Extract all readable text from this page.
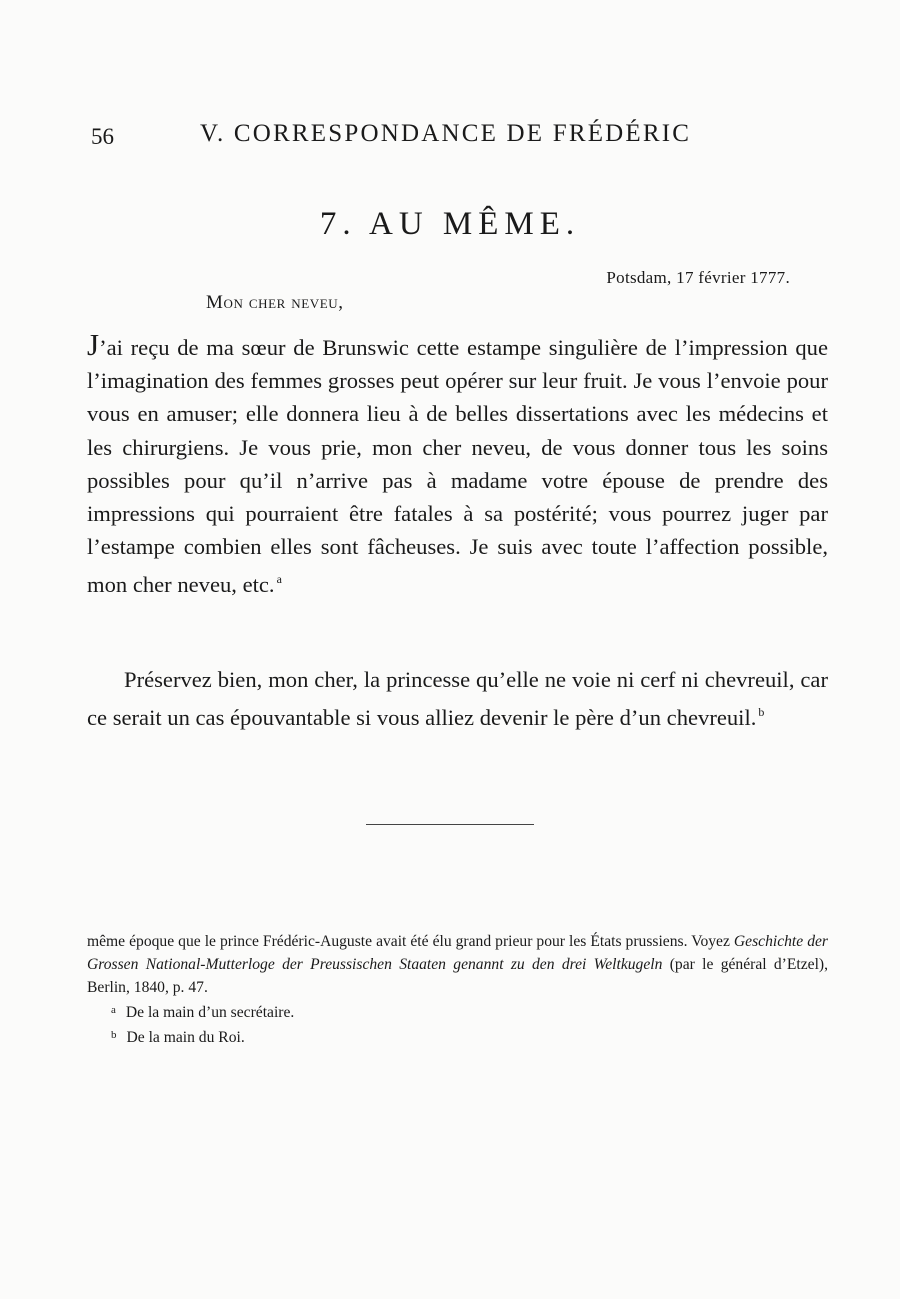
56	V. CORRESPONDANCE DE FRÉDÉRIC
7. AU MÊME.
Potsdam, 17 février 1777.
Mon cher neveu,

J’ai reçu de ma sœur de Brunswic cette estampe singulière de l’impression que l’imagination des femmes grosses peut opérer sur leur fruit. Je vous l’envoie pour vous en amuser; elle donnera lieu à de belles dissertations avec les médecins et les chirurgiens. Je vous prie, mon cher neveu, de vous donner tous les soins possibles pour qu’il n’arrive pas à madame votre épouse de prendre des impressions qui pourraient être fatales à sa postérité; vous pourrez juger par l’estampe combien elles sont fâcheuses. Je suis avec toute l’affection possible, mon cher neveu, etc. $^a$

Préservez bien, mon cher, la princesse qu’elle ne voie ni cerf ni chevreuil, car ce serait un cas épouvantable si vous alliez devenir le père d’un chevreuil. $^b$

même époque que le prince Frédéric-Auguste avait été élu grand prieur pour les États prussiens. Voyez Geschichte der Grossen National-Mutterloge der Preussischen Staaten genannt zu den drei Weltkugeln (par le général d’Etzel), Berlin, 1840, p. 47.

$^a$ De la main d’un secrétaire.

$^b$ De la main du Roi.
